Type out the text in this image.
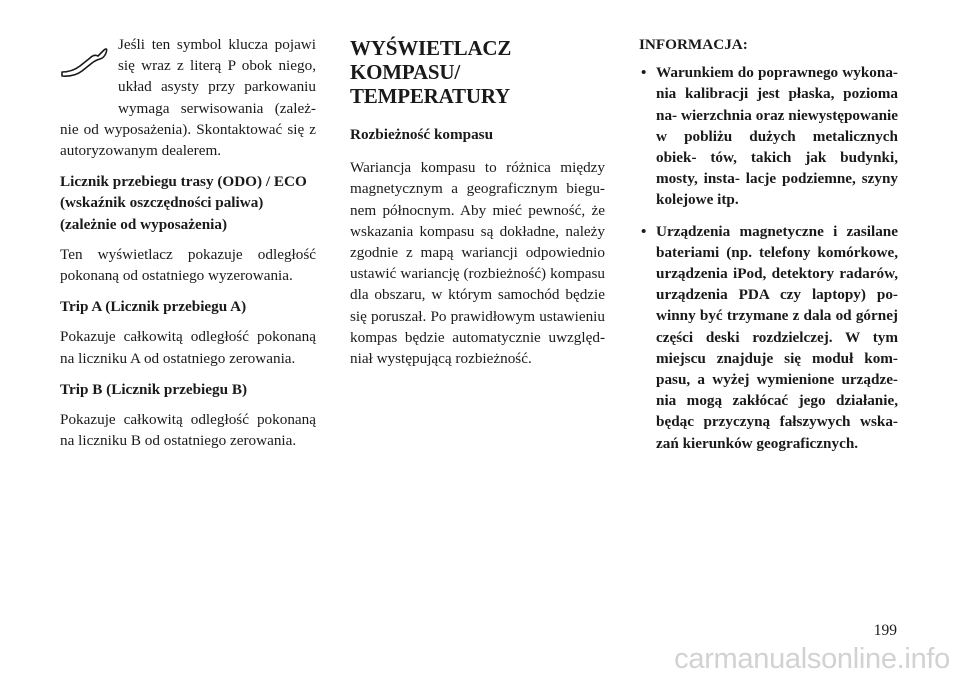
Jeśli ten symbol klucza pojawi się wraz z literą P obok niego, układ asysty przy parkowaniu wymaga serwisowania (zależ- nie od wyposażenia). Skontaktować się z autoryzowanym dealerem.

Licznik przebiegu trasy (ODO) / ECO (wskaźnik oszczędności paliwa) (zależnie od wyposażenia)

Ten wyświetlacz pokazuje odległość pokonaną od ostatniego wyzerowania.

Trip A (Licznik przebiegu A)

Pokazuje całkowitą odległość pokonaną na liczniku A od ostatniego zerowania.

Trip B (Licznik przebiegu B)

Pokazuje całkowitą odległość pokonaną na liczniku B od ostatniego zerowania.

WYŚWIETLACZ KOMPASU/ TEMPERATURY
Rozbieżność kompasu

Wariancja kompasu to różnica między magnetycznym a geograficznym biegu- nem północnym. Aby mieć pewność, że wskazania kompasu są dokładne, należy zgodnie z mapą wariancji odpowiednio ustawić wariancję (rozbieżność) kompasu dla obszaru, w którym samochód będzie się poruszał. Po prawidłowym ustawieniu kompas będzie automatycznie uwzględ- niał występującą rozbieżność.

INFORMACJA:
• Warunkiem do poprawnego wykona- nia kalibracji jest płaska, pozioma na- wierzchnia oraz niewystępowanie w pobliżu dużych metalicznych obiek- tów, takich jak budynki, mosty, insta- lacje podziemne, szyny kolejowe itp.
• Urządzenia magnetyczne i zasilane bateriami (np. telefony komórkowe, urządzenia iPod, detektory radarów, urządzenia PDA czy laptopy) po- winny być trzymane z dala od górnej części deski rozdzielczej. W tym miejscu znajduje się moduł kom- pasu, a wyżej wymienione urządze- nia mogą zakłócać jego działanie, będąc przyczyną fałszywych wska- zań kierunków geograficznych.
199
carmanualsonline.info
